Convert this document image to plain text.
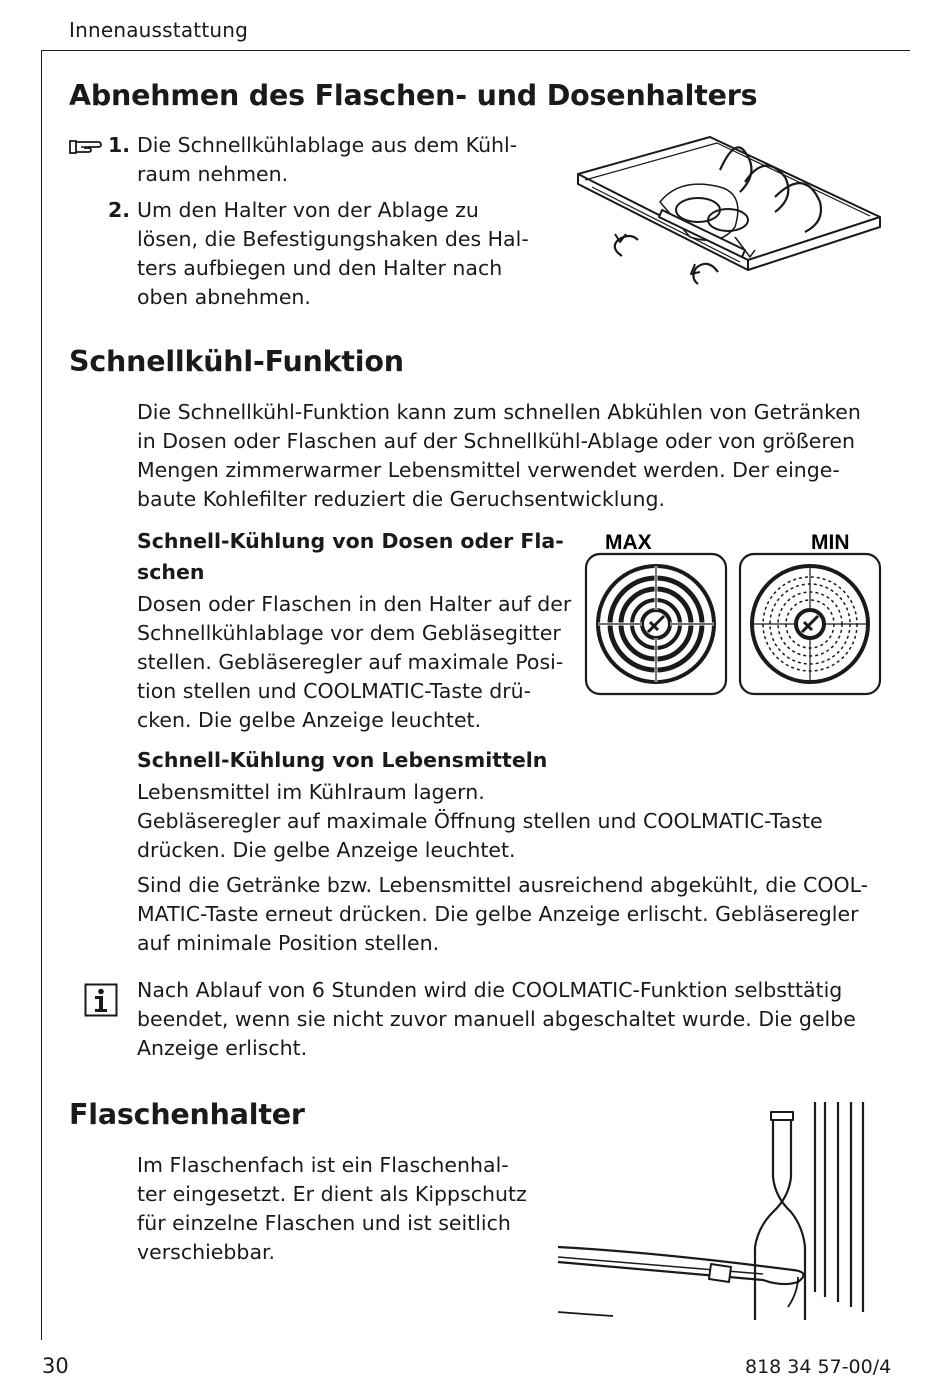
Innenausstattung
Abnehmen des Flaschen- und Dosenhalters
1. Die Schnellkühlablage aus dem Kühl-
raum nehmen.
2. Um den Halter von der Ablage zu
lösen, die Befestigungshaken des Hal-
ters aufbiegen und den Halter nach
oben abnehmen.
Schnellkühl-Funktion
Die Schnellkühl-Funktion kann zum schnellen Abkühlen von Getränken
in Dosen oder Flaschen auf der Schnellkühl-Ablage oder von größeren
Mengen zimmerwarmer Lebensmittel verwendet werden. Der einge-
baute Kohlefilter reduziert die Geruchsentwicklung.
Schnell-Kühlung von Dosen oder Fla-
schen
Dosen oder Flaschen in den Halter auf der
Schnellkühlablage vor dem Gebläsegitter
stellen. Gebläseregler auf maximale Posi-
tion stellen und COOLMATIC-Taste drü-
cken. Die gelbe Anzeige leuchtet.
MAX	MIN
Schnell-Kühlung von Lebensmitteln
Lebensmittel im Kühlraum lagern.
Gebläseregler auf maximale Öffnung stellen und COOLMATIC-Taste
drücken. Die gelbe Anzeige leuchtet.
Sind die Getränke bzw. Lebensmittel ausreichend abgekühlt, die COOL-
MATIC-Taste erneut drücken. Die gelbe Anzeige erlischt. Gebläseregler
auf minimale Position stellen.
Nach Ablauf von 6 Stunden wird die COOLMATIC-Funktion selbsttätig
beendet, wenn sie nicht zuvor manuell abgeschaltet wurde. Die gelbe
Anzeige erlischt.
Flaschenhalter
Im Flaschenfach ist ein Flaschenhal-
ter eingesetzt. Er dient als Kippschutz
für einzelne Flaschen und ist seitlich
verschiebbar.
30	818 34 57-00/4
